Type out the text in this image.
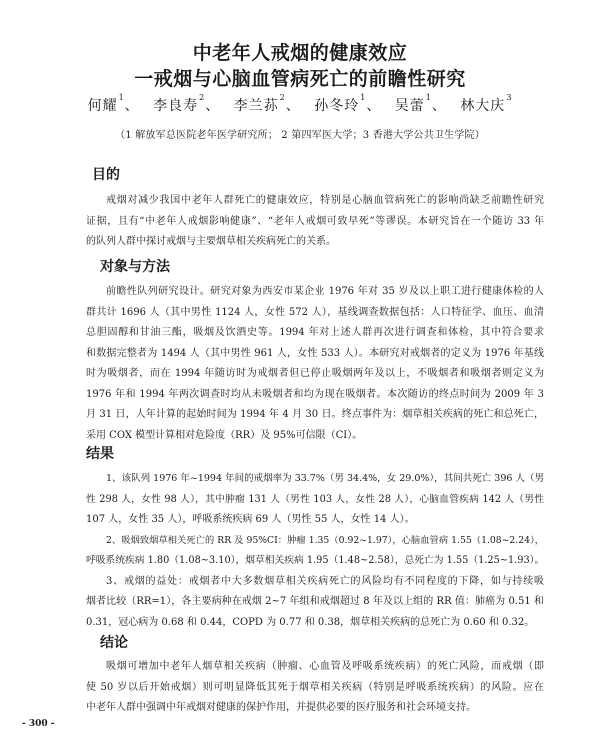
中老年人戒烟的健康效应
一戒烟与心脑血管病死亡的前瞻性研究
何耀$^1$、 李良寿$^2$、 李兰荪$^2$、 孙冬玲$^1$、 吴蕾$^1$、 林大庆$^3$
（1 解放军总医院老年医学研究所； 2 第四军医大学；3 香港大学公共卫生学院）
目的
戒烟对减少我国中老年人群死亡的健康效应，特别是心脑血管病死亡的影响尚缺乏前瞻性研究
证据，且有“中老年人戒烟影响健康”、“老年人戒烟可致早死”等谬误。本研究旨在一个随访 33 年
的队列人群中探讨戒烟与主要烟草相关疾病死亡的关系。
对象与方法
前瞻性队列研究设计。研究对象为西安市某企业 1976 年对 35 岁及以上职工进行健康体检的人
群共计 1696 人（其中男性 1124 人，女性 572 人），基线调查数据包括：人口特征学、血压、血清
总胆固醇和甘油三酯，吸烟及饮酒史等。1994 年对上述人群再次进行调查和体检，其中符合要求
和数据完整者为 1494 人（其中男性 961 人，女性 533 人）。本研究对戒烟者的定义为 1976 年基线
时为吸烟者，而在 1994 年随访时为戒烟者但已停止吸烟两年及以上，不吸烟者和吸烟者则定义为
1976 年和 1994 年两次调查时均从未吸烟者和均为现在吸烟者。本次随访的终点时间为 2009 年 3
月 31 日，人年计算的起始时间为 1994 年 4 月 30 日。终点事件为：烟草相关疾病的死亡和总死亡，
采用 COX 模型计算相对危险度（RR）及 95%可信限（CI）。
结果
1、该队列 1976 年~1994 年间的戒烟率为 33.7%（男 34.4%，女 29.0%），其间共死亡 396 人（男
性 298 人，女性 98 人），其中肿瘤 131 人（男性 103 人，女性 28 人），心脑血管疾病 142 人（男性
107 人，女性 35 人），呼吸系统疾病 69 人（男性 55 人，女性 14 人）。
2、吸烟致烟草相关死亡的 RR 及 95%CI：肿瘤 1.35（0.92~1.97），心脑血管病 1.55（1.08~2.24），
呼吸系统疾病 1.80（1.08~3.10），烟草相关疾病 1.95（1.48~2.58），总死亡为 1.55（1.25~1.93）。
3、戒烟的益处：戒烟者中大多数烟草相关疾病死亡的风险均有不同程度的下降，如与持续吸
烟者比较（RR=1），各主要病种在戒烟 2~7 年组和戒烟超过 8 年及以上组的 RR 值：肺癌为 0.51 和
0.31，冠心病为 0.68 和 0.44，COPD 为 0.77 和 0.38，烟草相关疾病的总死亡为 0.60 和 0.32。
结论
吸烟可增加中老年人烟草相关疾病（肿瘤、心血管及呼吸系统疾病）的死亡风险，而戒烟（即
使 50 岁以后开始戒烟）则可明显降低其死于烟草相关疾病（特别是呼吸系统疾病）的风险。应在
中老年人群中强调中年戒烟对健康的保护作用，并提供必要的医疗服务和社会环境支持。
- 300 -
